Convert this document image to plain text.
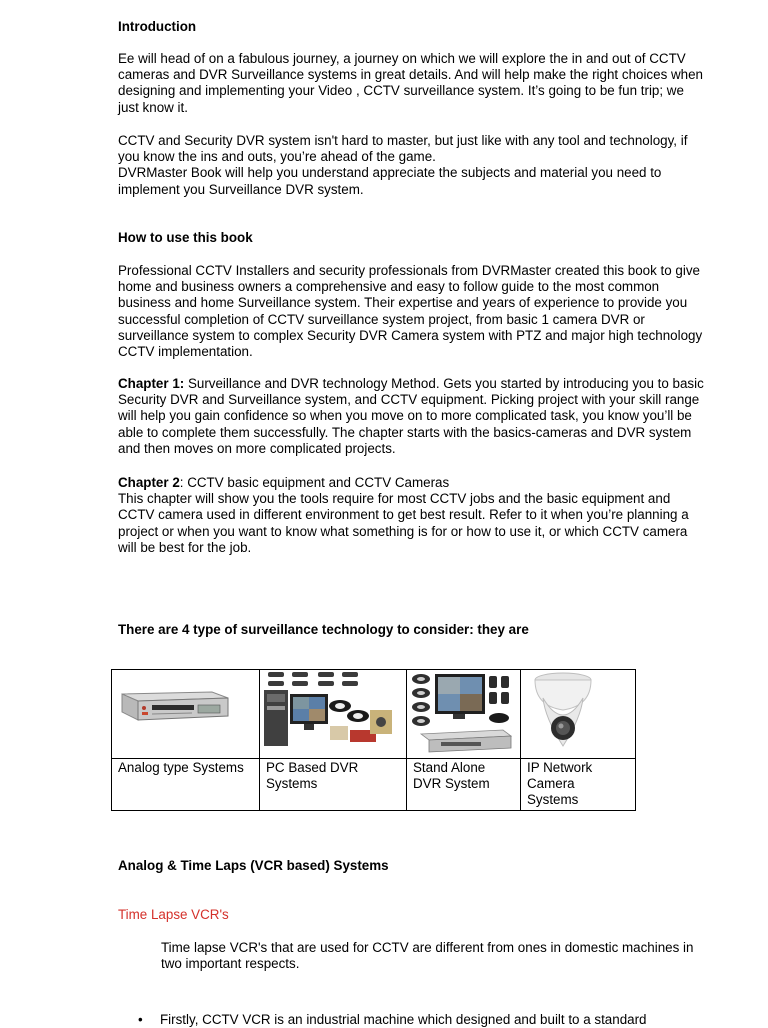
Introduction

Ee will head of on a fabulous journey, a journey on which we will explore the in and out of CCTV cameras and DVR Surveillance systems in great details. And will help make the right choices when designing and implementing your Video , CCTV surveillance system. It’s going to be fun trip; we just know it.

CCTV and Security DVR system isn't hard to master, but just like with any tool and technology, if you know the ins and outs, you’re ahead of the game.

DVRMaster Book will help you understand appreciate the subjects and material you need to implement you Surveillance DVR system.

How to use this book

Professional CCTV Installers and security professionals from DVRMaster created this book to give home and business owners a comprehensive and easy to follow guide to the most common business and home Surveillance system. Their expertise and years of experience to provide you successful completion of CCTV surveillance system project, from basic 1 camera DVR or surveillance system to complex Security DVR Camera system with PTZ and major high technology CCTV implementation.

Chapter 1: Surveillance and DVR technology Method. Gets you started by introducing you to basic Security DVR and Surveillance system, and CCTV equipment. Picking project with your skill range will help you gain confidence so when you move on to more complicated task, you know you’ll be able to complete them successfully. The chapter starts with the basics-cameras and DVR system and then moves on more complicated projects.

Chapter 2: CCTV basic equipment and CCTV Cameras

This chapter will show you the tools require for most CCTV jobs and the basic equipment and CCTV camera used in different environment to get best result. Refer to it when you’re planning a project or when you want to know what something is for or how to use it, or which CCTV camera will be best for the job.

There are 4 type of surveillance technology to consider: they are

Analog type Systems	PC Based DVR Systems	Stand Alone DVR System	IP Network Camera Systems

Analog & Time Laps (VCR based) Systems

Time Lapse VCR's

Time lapse VCR's that are used for CCTV are different from ones in domestic machines in two important respects.

• Firstly, CCTV VCR is an industrial machine which designed and built to a standard
